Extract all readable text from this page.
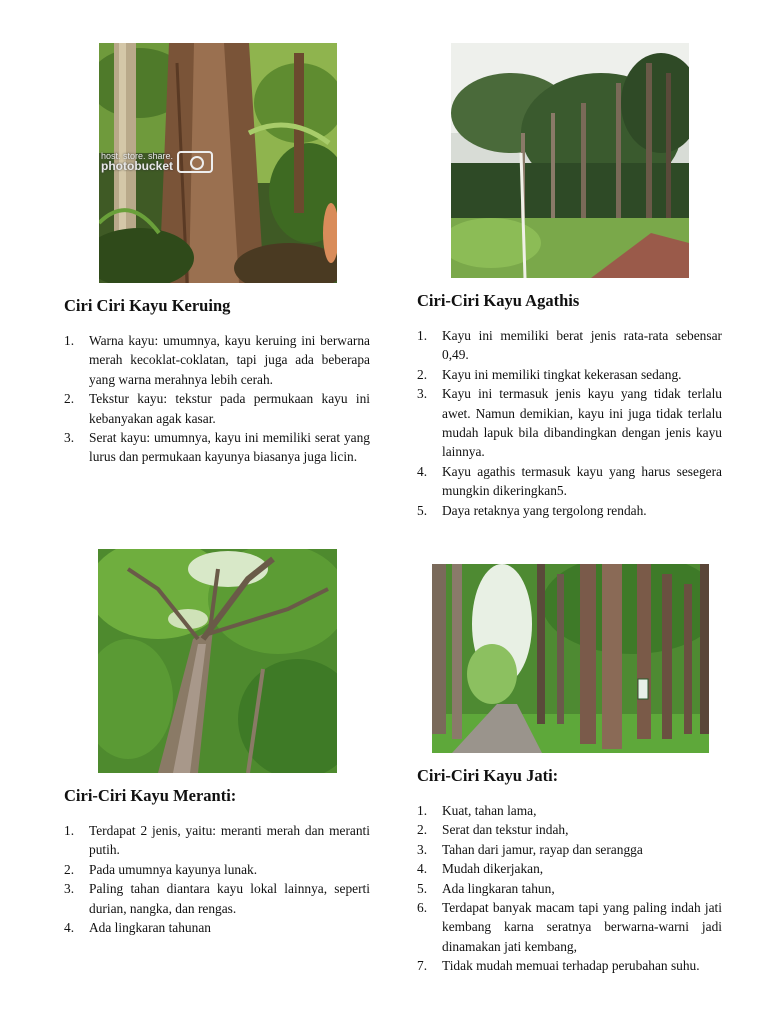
host. store. share.
photobucket
Ciri Ciri Kayu Keruing
1. Warna kayu: umumnya, kayu keruing ini berwarna merah kecoklat-coklatan, tapi juga ada beberapa yang warna merahnya lebih cerah.
2. Tekstur kayu: tekstur pada permukaan kayu ini kebanyakan agak kasar.
3. Serat kayu: umumnya, kayu ini memiliki serat yang lurus dan permukaan kayunya biasanya juga licin.
Ciri-Ciri Kayu Agathis
1. Kayu ini memiliki berat jenis rata-rata sebensar 0,49.
2. Kayu ini memiliki tingkat kekerasan sedang.
3. Kayu ini termasuk jenis kayu yang tidak terlalu awet. Namun demikian, kayu ini juga tidak terlalu mudah lapuk bila dibandingkan dengan jenis kayu lainnya.
4. Kayu agathis termasuk kayu yang harus sesegera mungkin dikeringkan5.
5. Daya retaknya yang tergolong rendah.
Ciri-Ciri Kayu Meranti:
1. Terdapat 2 jenis, yaitu: meranti merah dan meranti putih.
2. Pada umumnya kayunya lunak.
3. Paling tahan diantara kayu lokal lainnya, seperti durian, nangka, dan rengas.
4. Ada lingkaran tahunan
Ciri-Ciri Kayu Jati:
1. Kuat, tahan lama,
2. Serat dan tekstur indah,
3. Tahan dari jamur, rayap dan serangga
4. Mudah dikerjakan,
5. Ada lingkaran tahun,
6. Terdapat banyak macam tapi yang paling indah jati kembang karna seratnya berwarna-warni jadi dinamakan jati kembang,
7. Tidak mudah memuai terhadap perubahan suhu.
